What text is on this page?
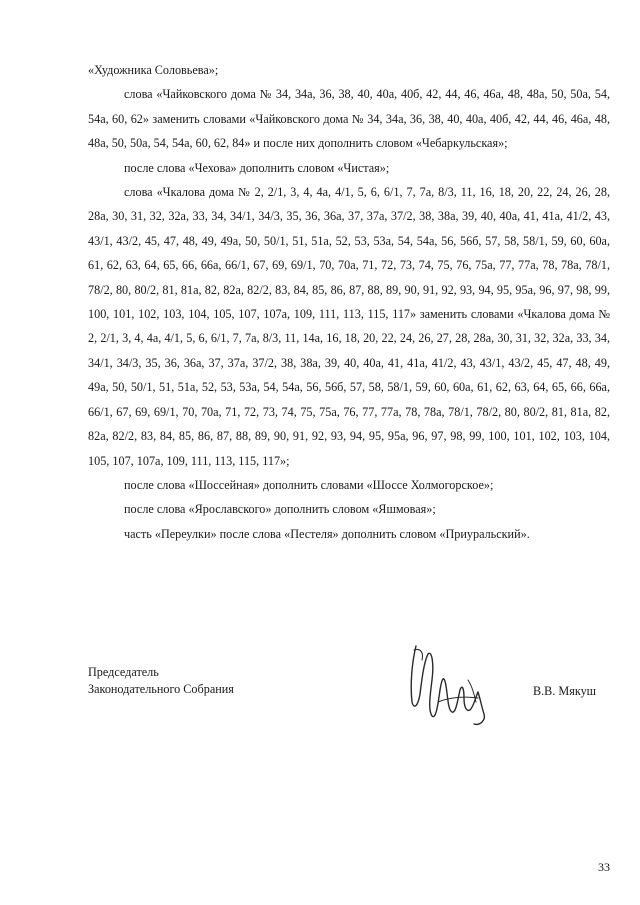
«Художника Соловьева»;

слова «Чайковского дома № 34, 34а, 36, 38, 40, 40а, 40б, 42, 44, 46, 46а, 48, 48а, 50, 50а, 54, 54а, 60, 62» заменить словами «Чайковского дома № 34, 34а, 36, 38, 40, 40а, 40б, 42, 44, 46, 46а, 48, 48а, 50, 50а, 54, 54а, 60, 62, 84» и после них дополнить словом «Чебаркульская»;

после слова «Чехова» дополнить словом «Чистая»;

слова «Чкалова дома № 2, 2/1, 3, 4, 4а, 4/1, 5, 6, 6/1, 7, 7а, 8/3, 11, 16, 18, 20, 22, 24, 26, 28, 28а, 30, 31, 32, 32а, 33, 34, 34/1, 34/3, 35, 36, 36а, 37, 37а, 37/2, 38, 38а, 39, 40, 40а, 41, 41а, 41/2, 43, 43/1, 43/2, 45, 47, 48, 49, 49а, 50, 50/1, 51, 51а, 52, 53, 53а, 54, 54а, 56, 56б, 57, 58, 58/1, 59, 60, 60а, 61, 62, 63, 64, 65, 66, 66а, 66/1, 67, 69, 69/1, 70, 70а, 71, 72, 73, 74, 75, 76, 75а, 77, 77а, 78, 78а, 78/1, 78/2, 80, 80/2, 81, 81а, 82, 82а, 82/2, 83, 84, 85, 86, 87, 88, 89, 90, 91, 92, 93, 94, 95, 95а, 96, 97, 98, 99, 100, 101, 102, 103, 104, 105, 107, 107а, 109, 111, 113, 115, 117» заменить словами «Чкалова дома № 2, 2/1, 3, 4, 4а, 4/1, 5, 6, 6/1, 7, 7а, 8/3, 11, 14а, 16, 18, 20, 22, 24, 26, 27, 28, 28а, 30, 31, 32, 32а, 33, 34, 34/1, 34/3, 35, 36, 36а, 37, 37а, 37/2, 38, 38а, 39, 40, 40а, 41, 41а, 41/2, 43, 43/1, 43/2, 45, 47, 48, 49, 49а, 50, 50/1, 51, 51а, 52, 53, 53а, 54, 54а, 56, 56б, 57, 58, 58/1, 59, 60, 60а, 61, 62, 63, 64, 65, 66, 66а, 66/1, 67, 69, 69/1, 70, 70а, 71, 72, 73, 74, 75, 75а, 76, 77, 77а, 78, 78а, 78/1, 78/2, 80, 80/2, 81, 81а, 82, 82а, 82/2, 83, 84, 85, 86, 87, 88, 89, 90, 91, 92, 93, 94, 95, 95а, 96, 97, 98, 99, 100, 101, 102, 103, 104, 105, 107, 107а, 109, 111, 113, 115, 117»;

после слова «Шоссейная» дополнить словами «Шоссе Холмогорское»;

после слова «Ярославского» дополнить словом «Яшмовая»;

часть «Переулки» после слова «Пестеля» дополнить словом «Приуральский».

Председатель
Законодательного Собрания	В.В. Мякуш
33
